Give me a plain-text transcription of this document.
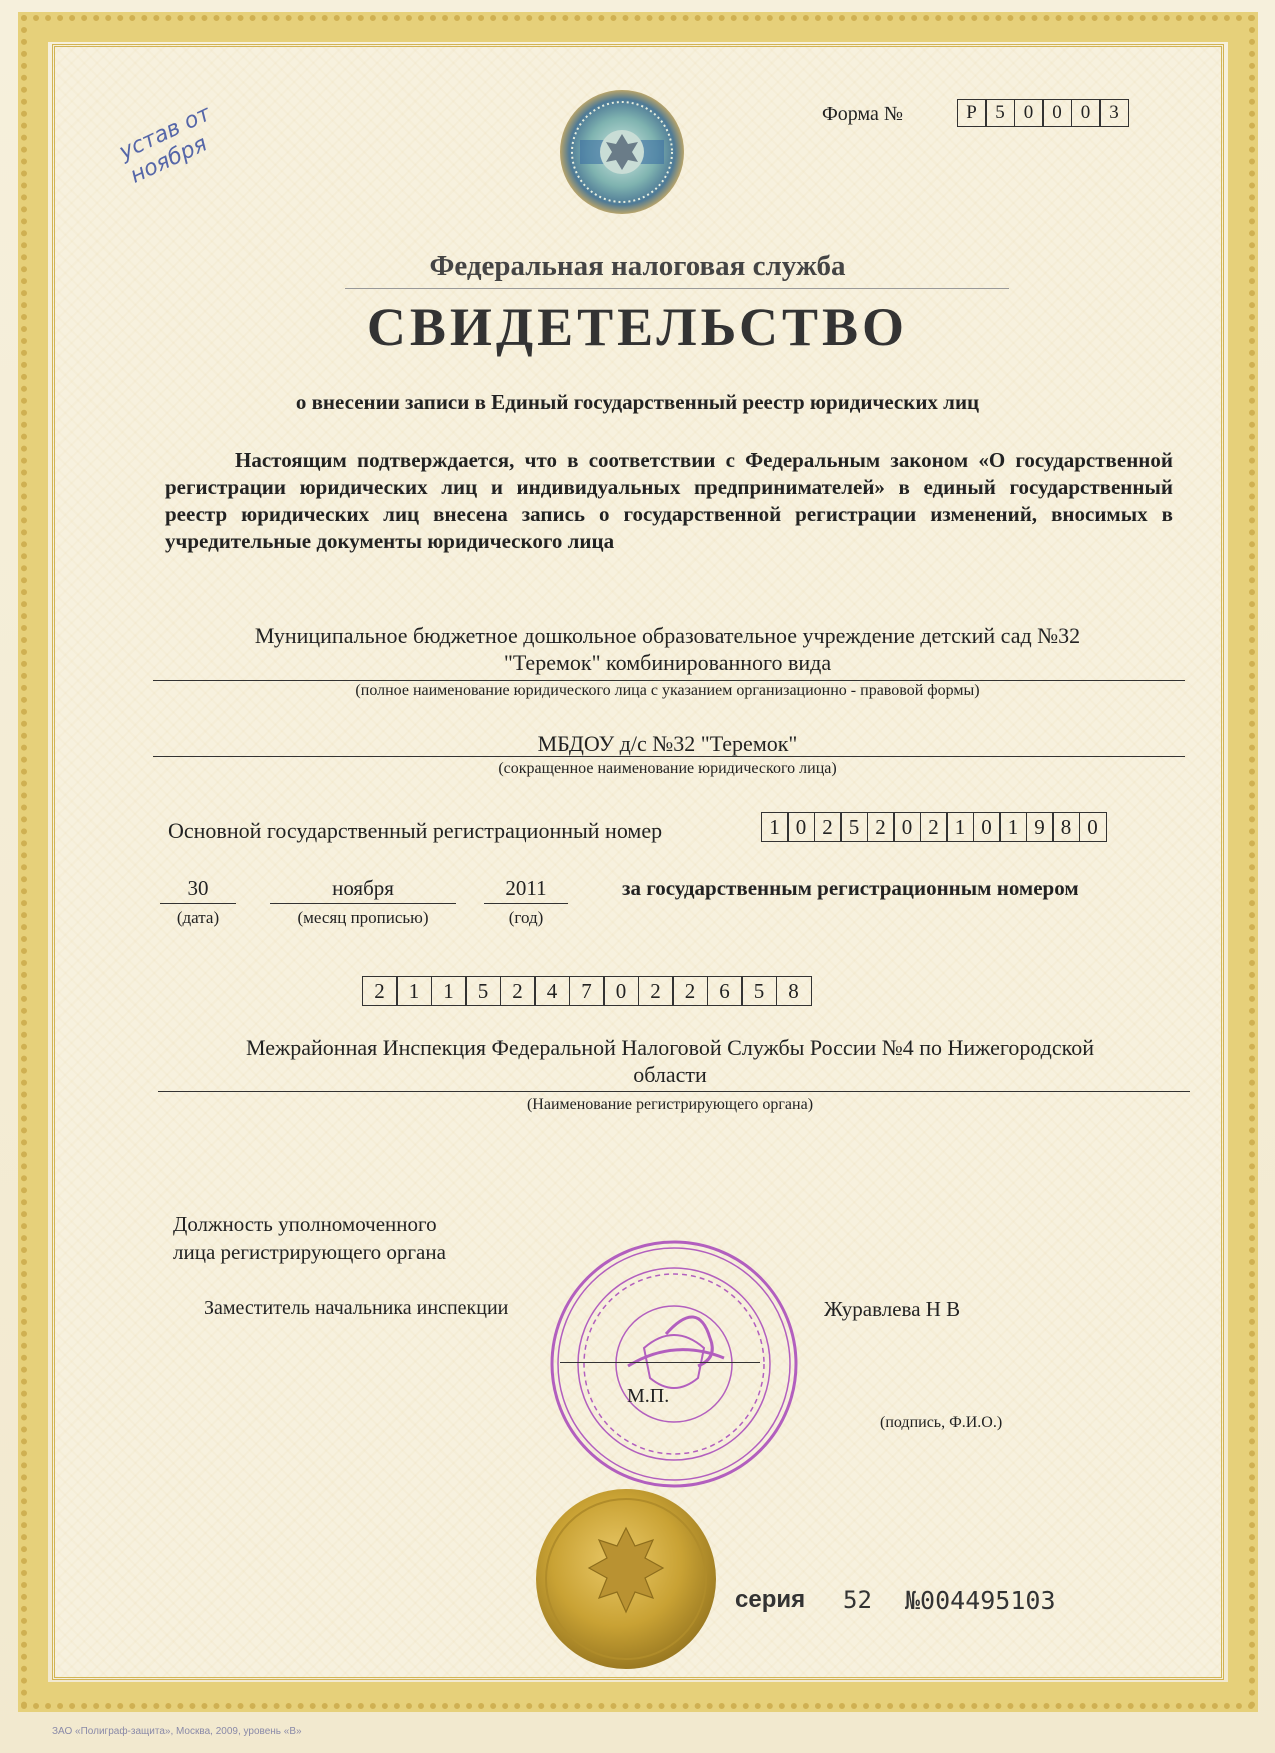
устав от ноября
Форма №	Р 5	0	0	0	3
Федеральная налоговая служба
СВИДЕТЕЛЬСТВО
о внесении записи в Единый государственный реестр юридических лиц
Настоящим подтверждается, что в соответствии с Федеральным законом «О государственной регистрации юридических лиц и индивидуальных предпринимателей» в единый государственный реестр юридических лиц внесена запись о государственной регистрации изменений, вносимых в учредительные документы юридического лица
Муниципальное бюджетное дошкольное образовательное учреждение детский сад №32
"Теремок" комбинированного вида
(полное наименование юридического лица с указанием организационно - правовой формы)
МБДОУ д/с №32 "Теремок"
(сокращенное наименование юридического лица)
Основной государственный регистрационный номер	1 0 2 5 2 0 2 1 0 1 9 8 0
30
(дата)
ноября
(месяц прописью)
2011
(год)
за государственным регистрационным номером
2	1	1	5	2	4	7	0	2	2	6	5	8
Межрайонная Инспекция Федеральной Налоговой Службы России №4 по Нижегородской
области
(Наименование регистрирующего органа)
Должность уполномоченного
лица регистрирующего органа
Заместитель начальника инспекции	Журавлева Н В
М.П.
(подпись, Ф.И.О.)
серия 52 №004495103
ЗАО «Полиграф-защита», Москва, 2009, уровень «В»
